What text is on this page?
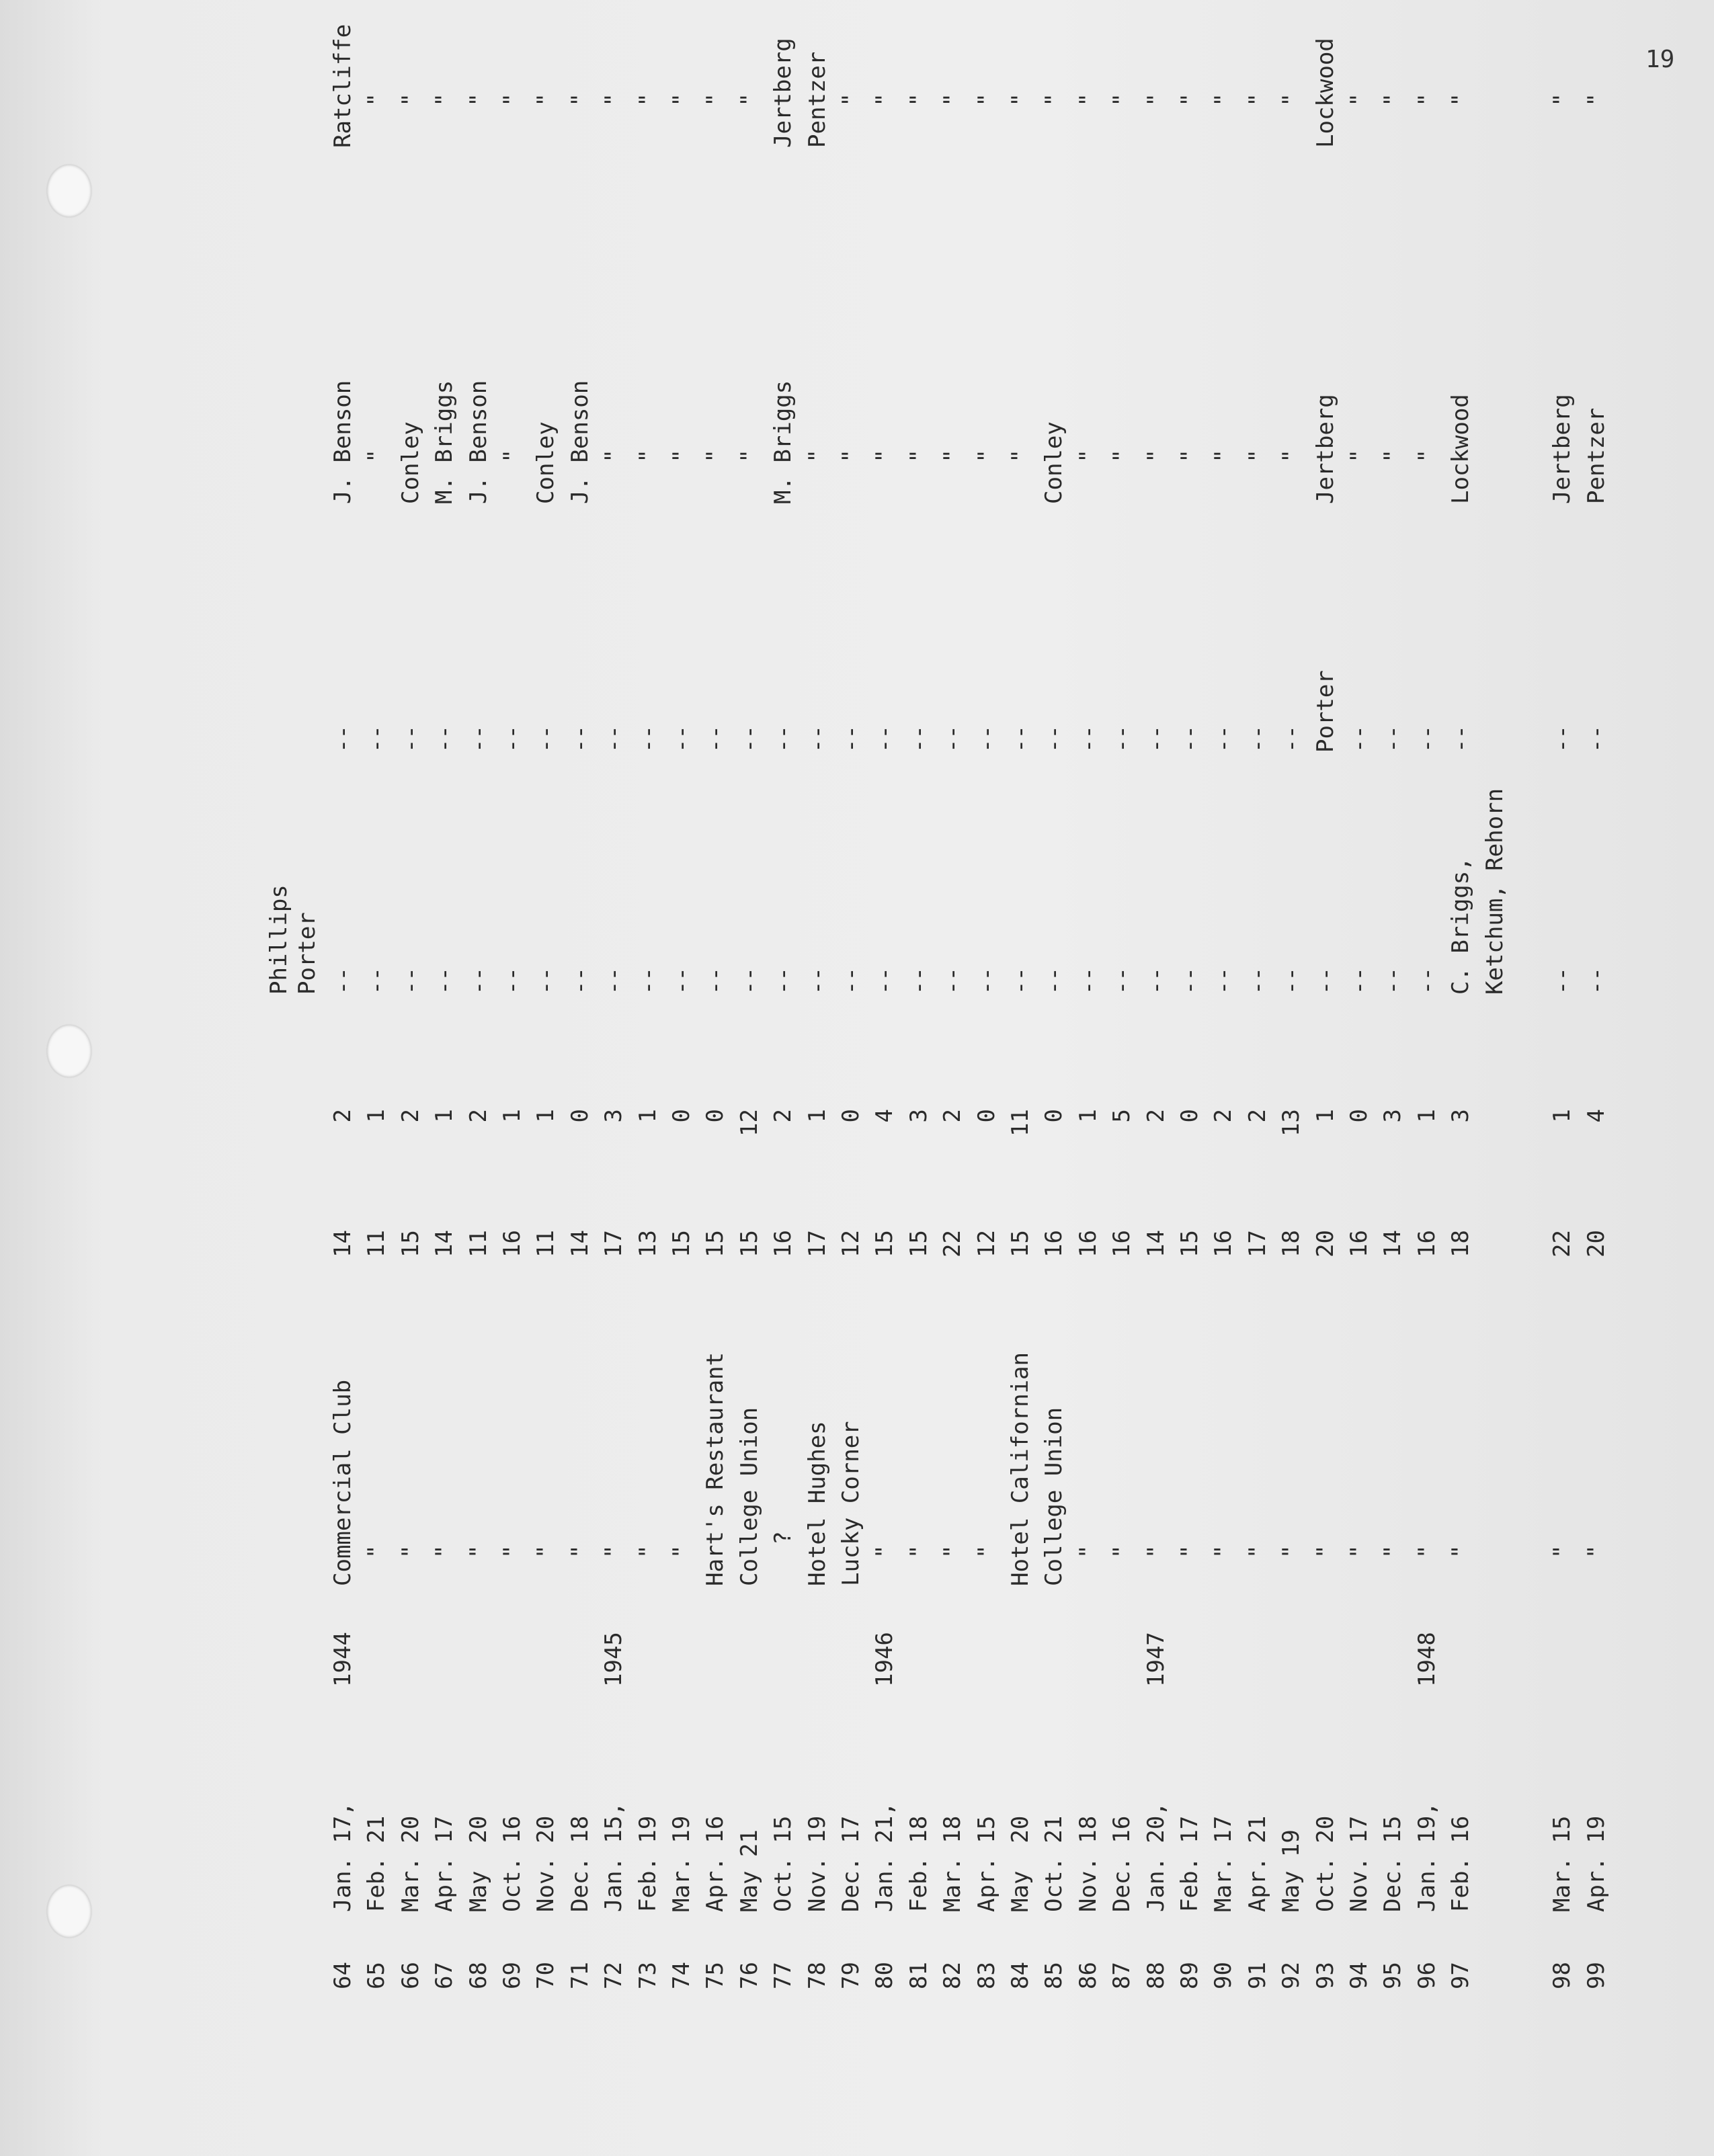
19
Phillips Porter
64
Jan. 17,
1944
Commercial Club
14
2
--
--
J. Benson
Ratcliffe
65
Feb. 21
"
11
1
--
--
"
"
66
Mar. 20
"
15
2
--
--
Conley
"
67
Apr. 17
"
14
1
--
--
M. Briggs
"
68
May  20
"
11
2
--
--
J. Benson
"
69
Oct. 16
"
16
1
--
--
"
"
70
Nov. 20
"
11
1
--
--
Conley
"
71
Dec. 18
"
14
0
--
--
J. Benson
"
72
Jan. 15,
1945
"
17
3
--
--
"
"
73
Feb. 19
"
13
1
--
--
"
"
74
Mar. 19
"
15
0
--
--
"
"
75
Apr. 16
Hart's Restaurant
15
0
--
--
"
"
76
May 21
College Union
15
12
--
--
"
"
77
Oct. 15
?
16
2
--
--
M. Briggs
Jertberg
78
Nov. 19
Hotel Hughes
17
1
--
--
"
Pentzer
79
Dec. 17
Lucky Corner
12
0
--
--
"
"
80
Jan. 21,
1946
"
15
4
--
--
"
"
81
Feb. 18
"
15
3
--
--
"
"
82
Mar. 18
"
22
2
--
--
"
"
83
Apr. 15
"
12
0
--
--
"
"
84
May  20
Hotel Californian
15
11
--
--
"
"
85
Oct. 21
College Union
16
0
--
--
Conley
"
86
Nov. 18
"
16
1
--
--
"
"
87
Dec. 16
"
16
5
--
--
"
"
88
Jan. 20,
1947
"
14
2
--
--
"
"
89
Feb. 17
"
15
0
--
--
"
"
90
Mar. 17
"
16
2
--
--
"
"
91
Apr. 21
"
17
2
--
--
"
"
92
May 19
"
18
13
--
--
"
"
93
Oct. 20
"
20
1
--
Porter
Jertberg
Lockwood
94
Nov. 17
"
16
0
--
--
"
"
95
Dec. 15
"
14
3
--
--
"
"
96
Jan. 19,
1948
"
16
1
--
--
"
"
97
Feb. 16
"
18
3
C. Briggs,
--
Lockwood
"
Ketchum, Rehorn
98
Mar. 15
"
22
1
--
--
Jertberg
"
99
Apr. 19
"
20
4
--
--
Pentzer
"
